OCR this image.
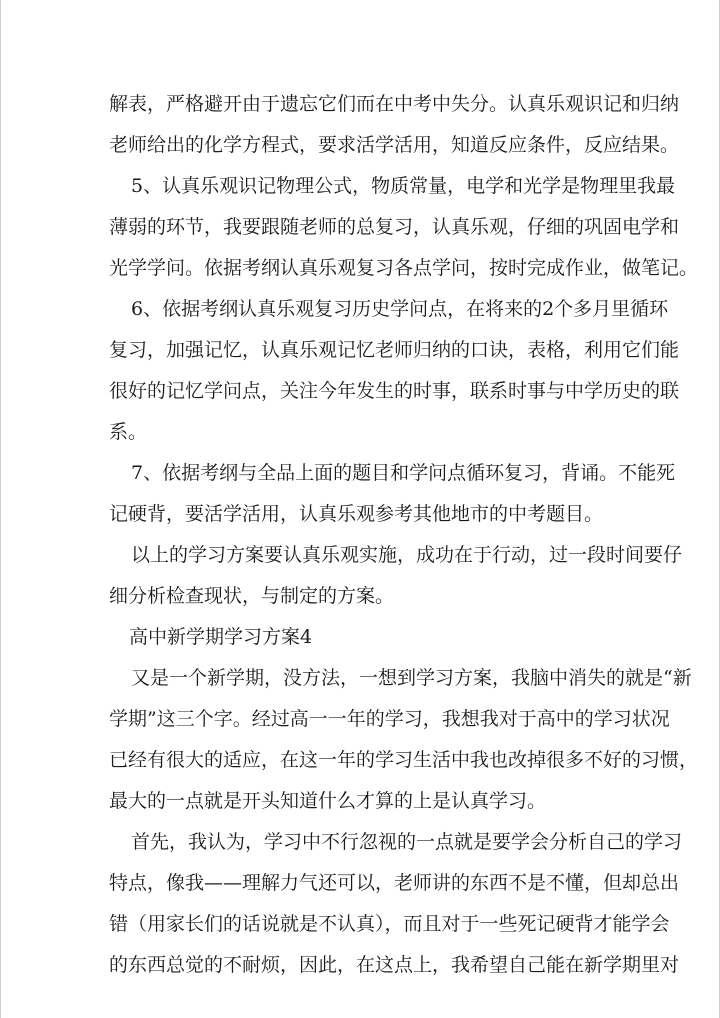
解表，严格避开由于遗忘它们而在中考中失分。认真乐观识记和归纳
老师给出的化学方程式，要求活学活用，知道反应条件，反应结果。
5、认真乐观识记物理公式，物质常量，电学和光学是物理里我最
薄弱的环节，我要跟随老师的总复习，认真乐观，仔细的巩固电学和
光学学问。依据考纲认真乐观复习各点学问，按时完成作业，做笔记。
6、依据考纲认真乐观复习历史学问点，在将来的2个多月里循环
复习，加强记忆，认真乐观记忆老师归纳的口诀，表格，利用它们能
很好的记忆学问点，关注今年发生的时事，联系时事与中学历史的联
系。
7、依据考纲与全品上面的题目和学问点循环复习，背诵。不能死
记硬背，要活学活用，认真乐观参考其他地市的中考题目。
以上的学习方案要认真乐观实施，成功在于行动，过一段时间要仔
细分析检查现状，与制定的方案。
高中新学期学习方案4
又是一个新学期，没方法，一想到学习方案，我脑中消失的就是“新
学期”这三个字。经过高一一年的学习，我想我对于高中的学习状况
已经有很大的适应，在这一年的学习生活中我也改掉很多不好的习惯，
最大的一点就是开头知道什么才算的上是认真学习。
首先，我认为，学习中不行忽视的一点就是要学会分析自己的学习
特点，像我——理解力气还可以，老师讲的东西不是不懂，但却总出
错（用家长们的话说就是不认真），而且对于一些死记硬背才能学会
的东西总觉的不耐烦，因此，在这点上，我希望自己能在新学期里对
